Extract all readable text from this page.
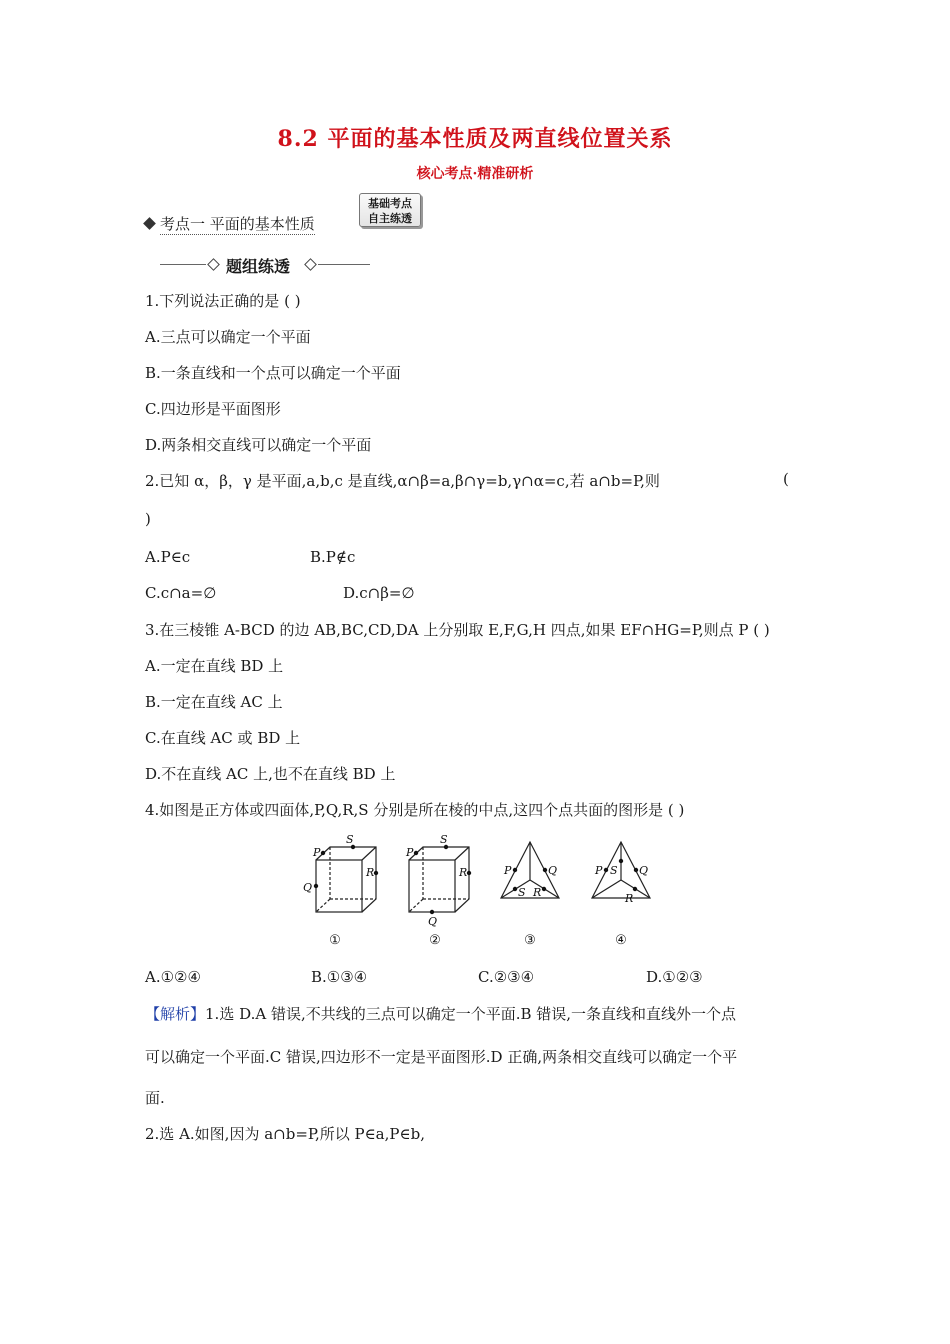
8.2 平面的基本性质及两直线位置关系
核心考点·精准研析
考点一 平面的基本性质
基础考点
自主练透
题组练透
1.下列说法正确的是 ( )
A.三点可以确定一个平面
B.一条直线和一个点可以确定一个平面
C.四边形是平面图形
D.两条相交直线可以确定一个平面
2.已知 α，β，γ 是平面,a,b,c 是直线,α∩β=a,β∩γ=b,γ∩α=c,若 a∩b=P,则	(
)
A.P∈c	B.P∉c
C.c∩a=∅	D.c∩β=∅
3.在三棱锥 A-BCD 的边 AB,BC,CD,DA 上分别取 E,F,G,H 四点,如果 EF∩HG=P,则点 P ( )
A.一定在直线 BD 上
B.一定在直线 AC 上
C.在直线 AC 或 BD 上
D.不在直线 AC 上,也不在直线 BD 上
4.如图是正方体或四面体,P,Q,R,S 分别是所在棱的中点,这四个点共面的图形是 ( )
P
S
R
Q
P
S
R
Q
P	Q
S R
P	Q
S
R
①	②	③	④
A.①②④	B.①③④	C.②③④	D.①②③
【解析】1.选 D.A 错误,不共线的三点可以确定一个平面.B 错误,一条直线和直线外一个点
可以确定一个平面.C 错误,四边形不一定是平面图形.D 正确,两条相交直线可以确定一个平
面.
2.选 A.如图,因为 a∩b=P,所以 P∈a,P∈b,
